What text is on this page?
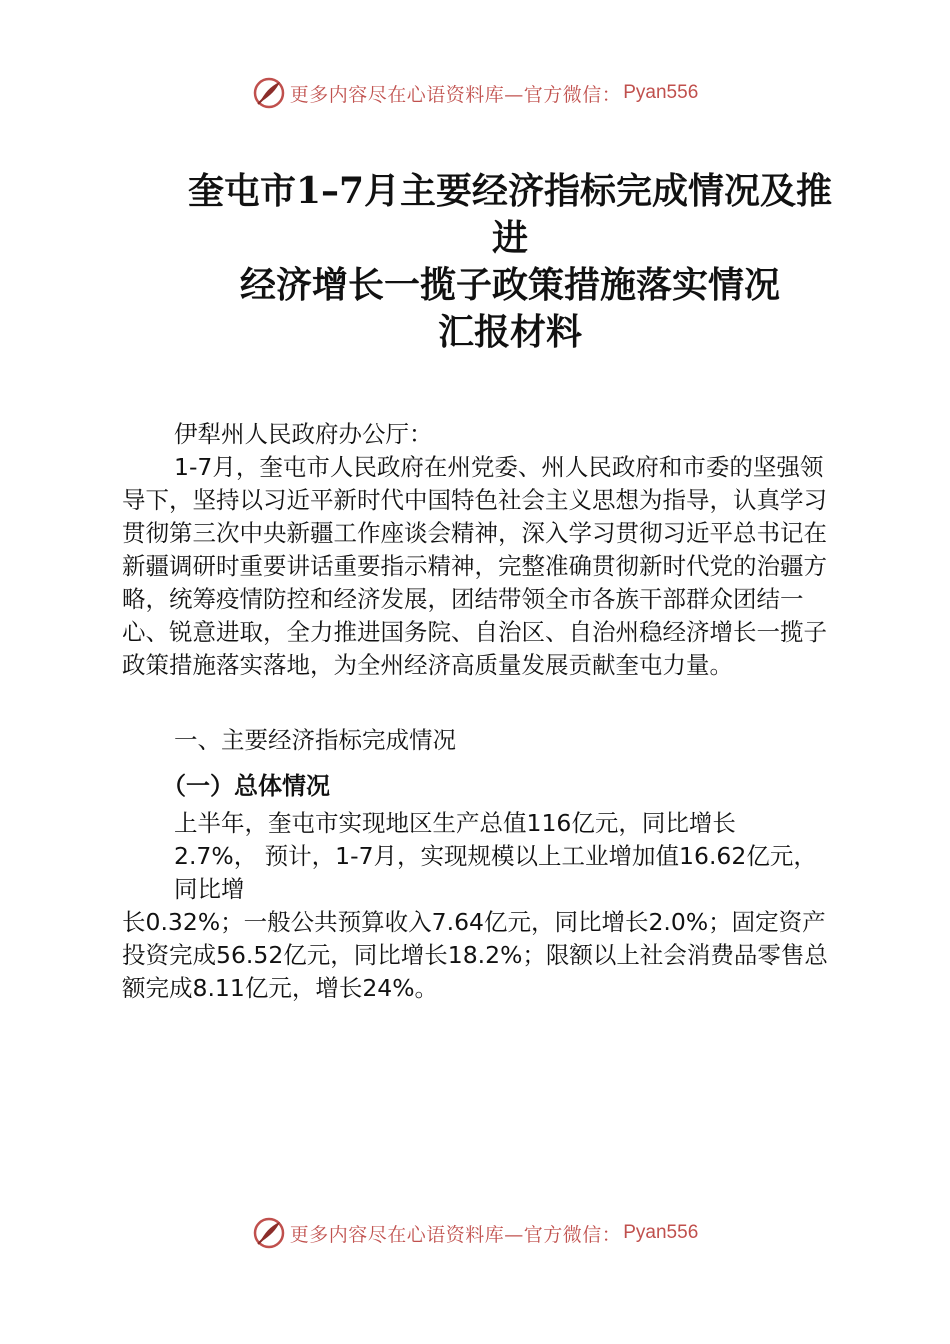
更多内容尽在心语资料库—官方微信： Pyan556
奎屯市1–7月主要经济指标完成情况及推
进
经济增长一揽子政策措施落实情况
汇报材料

伊犁州人民政府办公厅：

1-7月，奎屯市人民政府在州党委、州人民政府和市委的坚强领导下，坚持以习近平新时代中国特色社会主义思想为指导，认真学习贯彻第三次中央新疆工作座谈会精神，深入学习贯彻习近平总书记在新疆调研时重要讲话重要指示精神，完整准确贯彻新时代党的治疆方略，统筹疫情防控和经济发展，团结带领全市各族干部群众团结一心、锐意进取，全力推进国务院、自治区、自治州稳经济增长一揽子政策措施落实落地，为全州经济高质量发展贡献奎屯力量。

一、主要经济指标完成情况

（一）总体情况

上半年，奎屯市实现地区生产总值116亿元，同比增长

2.7%， 预计，1-7月，实现规模以上工业增加值16.62亿元，

同比增

长0.32%；一般公共预算收入7.64亿元，同比增长2.0%；固定资产投资完成56.52亿元，同比增长18.2%；限额以上社会消费品零售总额完成8.11亿元，增长24%。

更多内容尽在心语资料库—官方微信： Pyan556
